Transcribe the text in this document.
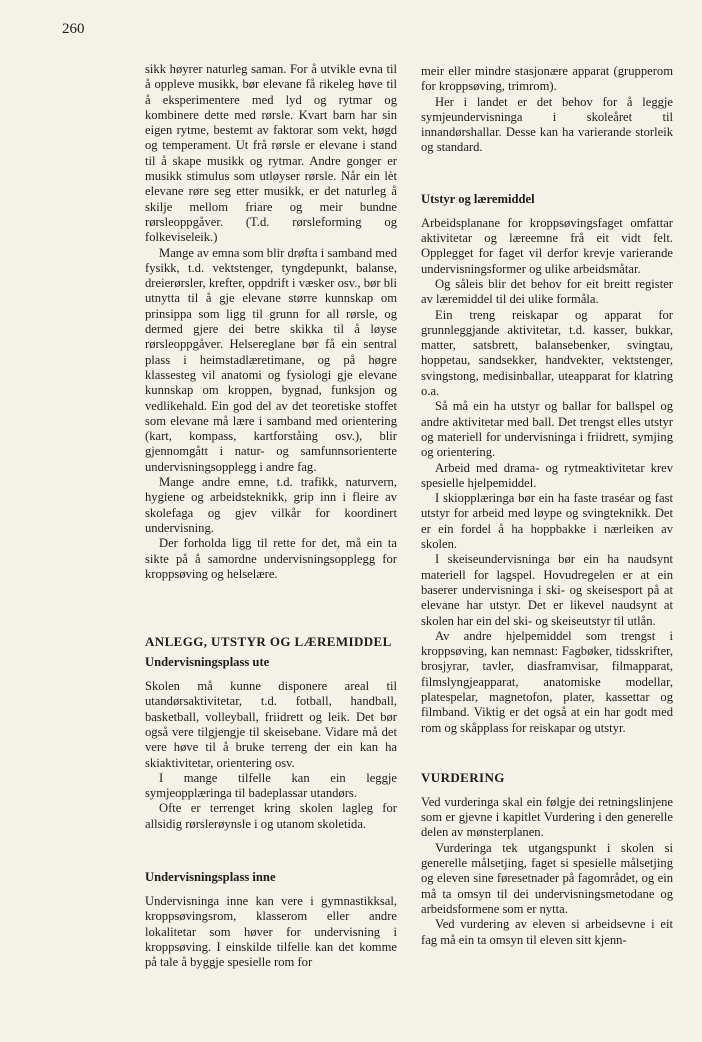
260

sikk høyrer naturleg saman. For å utvikle evna til å oppleve musikk, bør elevane få rikeleg høve til å eksperimentere med lyd og rytmar og kombinere dette med rørsle. Kvart barn har sin eigen rytme, bestemt av faktorar som vekt, høgd og temperament. Ut frå rørsle er elevane i stand til å skape musikk og rytmar. Andre gonger er musikk stimulus som utløyser rørsle. Når ein lèt elevane røre seg etter musikk, er det naturleg å skilje mellom friare og meir bundne rørsleoppgåver. (T.d. rørsleforming og folkeviseleik.)

Mange av emna som blir drøfta i samband med fysikk, t.d. vektstenger, tyngdepunkt, balanse, dreierørsler, krefter, oppdrift i væsker osv., bør bli utnytta til å gje elevane større kunnskap om prinsippa som ligg til grunn for all rørsle, og dermed gjere dei betre skikka til å løyse rørsleoppgåver. Helsereglane bør få ein sentral plass i heimstadlæretimane, og på høgre klassesteg vil anatomi og fysiologi gje elevane kunnskap om kroppen, bygnad, funksjon og vedlikehald. Ein god del av det teoretiske stoffet som elevane må lære i samband med orientering (kart, kompass, kartforståing osv.), blir gjennomgått i natur- og samfunnsorienterte undervisningsopplegg i andre fag.

Mange andre emne, t.d. trafikk, naturvern, hygiene og arbeidsteknikk, grip inn i fleire av skolefaga og gjev vilkår for koordinert undervisning.

Der forholda ligg til rette for det, må ein ta sikte på å samordne undervisningsopplegg for kroppsøving og helselære.

ANLEGG, UTSTYR OG LÆREMIDDEL
Undervisningsplass ute

Skolen må kunne disponere areal til utandørsaktivitetar, t.d. fotball, handball, basketball, volleyball, friidrett og leik. Det bør også vere tilgjengje til skeisebane. Vidare må det vere høve til å bruke terreng der ein kan ha skiaktivitetar, orientering osv.

I mange tilfelle kan ein leggje symjeopplæringa til badeplassar utandørs.

Ofte er terrenget kring skolen lagleg for allsidig rørslerøynsle i og utanom skoletida.

Undervisningsplass inne

Undervisninga inne kan vere i gymnastikksal, kroppsøvingsrom, klasserom eller andre lokalitetar som høver for undervisning i kroppsøving. I einskilde tilfelle kan det komme på tale å byggje spesielle rom for

meir eller mindre stasjonære apparat (grupperom for kroppsøving, trimrom).

Her i landet er det behov for å leggje symjeundervisninga i skoleåret til innandørshallar. Desse kan ha varierande storleik og standard.

Utstyr og læremiddel

Arbeidsplanane for kroppsøvingsfaget omfattar aktivitetar og læreemne frå eit vidt felt. Opplegget for faget vil derfor krevje varierande undervisningsformer og ulike arbeidsmåtar.

Og såleis blir det behov for eit breitt register av læremiddel til dei ulike formåla.

Ein treng reiskapar og apparat for grunnleggjande aktivitetar, t.d. kasser, bukkar, matter, satsbrett, balansebenker, svingtau, hoppetau, sandsekker, handvekter, vektstenger, svingstong, medisinballar, uteapparat for klatring o.a.

Så må ein ha utstyr og ballar for ballspel og andre aktivitetar med ball. Det trengst elles utstyr og materiell for undervisninga i friidrett, symjing og orientering.

Arbeid med drama- og rytmeaktivitetar krev spesielle hjelpemiddel.

I skiopplæringa bør ein ha faste traséar og fast utstyr for arbeid med løype og svingteknikk. Det er ein fordel å ha hoppbakke i nærleiken av skolen.

I skeiseundervisninga bør ein ha naudsynt materiell for lagspel. Hovudregelen er at ein baserer undervisninga i ski- og skeisesport på at elevane har utstyr. Det er likevel naudsynt at skolen har ein del ski- og skeiseutstyr til utlån.

Av andre hjelpemiddel som trengst i kroppsøving, kan nemnast: Fagbøker, tidsskrifter, brosjyrar, tavler, diasframvisar, filmapparat, filmslyngjeapparat, anatomiske modellar, platespelar, magnetofon, plater, kassettar og filmband. Viktig er det også at ein har godt med rom og skåpplass for reiskapar og utstyr.

VURDERING

Ved vurderinga skal ein følgje dei retningslinjene som er gjevne i kapitlet Vurdering i den generelle delen av mønsterplanen.

Vurderinga tek utgangspunkt i skolen si generelle målsetjing, faget si spesielle målsetjing og eleven sine føresetnader på fagområdet, og ein må ta omsyn til dei undervisningsmetodane og arbeidsformene som er nytta.

Ved vurdering av eleven si arbeidsevne i eit fag må ein ta omsyn til eleven sitt kjenn-
